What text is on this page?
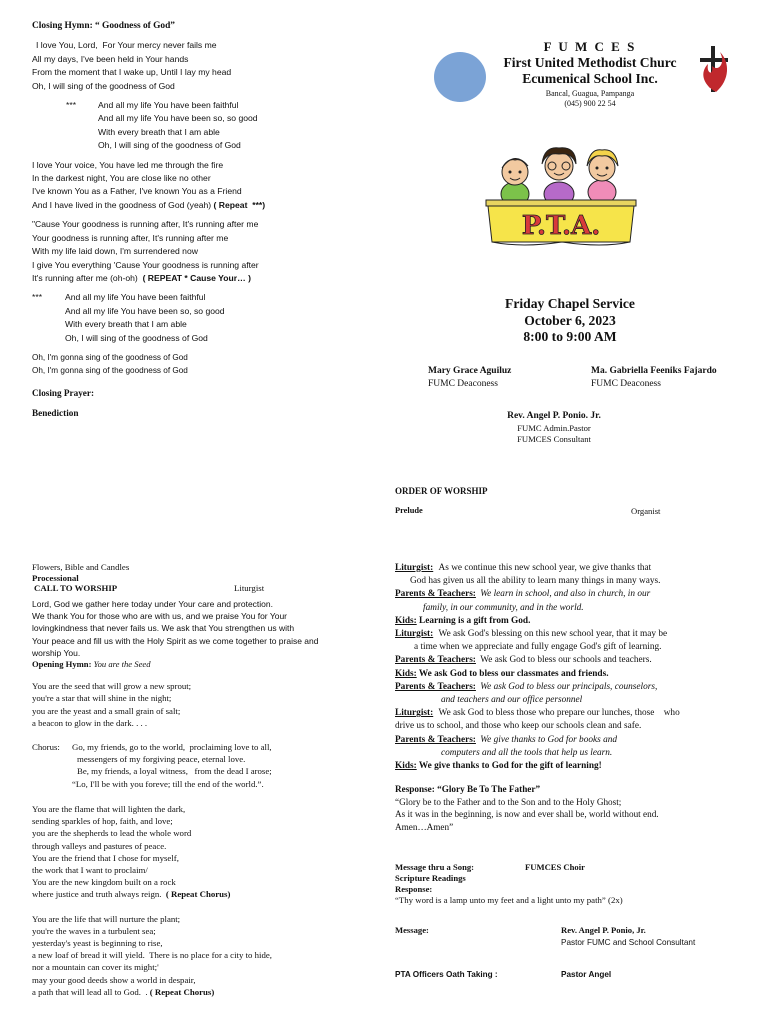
Closing Hymn: “ Goodness of God”
I love You, Lord,  For Your mercy never fails me
All my days, I've been held in Your hands
From the moment that I wake up, Until I lay my head
Oh, I will sing of the goodness of God
***	And all my life You have been faithful
And all my life You have been so, so good
With every breath that I am able
Oh, I will sing of the goodness of God
I love Your voice, You have led me through the fire
In the darkest night, You are close like no other
I've known You as a Father, I've known You as a Friend
And I have lived in the goodness of God (yeah) ( Repeat  ***)
"Cause Your goodness is running after, It's running after me
Your goodness is running after, It's running after me
With my life laid down, I'm surrendered now
I give You everything 'Cause Your goodness is running after
It's running after me (oh-oh) ( REPEAT * Cause Your… )
***	And all my life You have been faithful
And all my life You have been so, so good
With every breath that I am able
Oh, I will sing of the goodness of God
Oh, I'm gonna sing of the goodness of God
Oh, I'm gonna sing of the goodness of God
Closing Prayer:
Benediction
F U M C E S
First United Methodist Churc
Ecumenical School Inc.
Bancal, Guagua, Pampanga
(045) 900 22 54
P.T.A.
Friday Chapel Service
October 6, 2023
8:00 to 9:00 AM
Mary Grace Aguiluz
FUMC Deaconess
Ma. Gabriella Feeniks Fajardo
FUMC Deaconess
Rev. Angel P. Ponio. Jr.
FUMC Admin.Pastor
FUMCES Consultant
ORDER OF WORSHIP
Prelude	Organist
Flowers, Bible and Candles
Processional
CALL TO WORSHIP	Liturgist
Lord, God we gather here today under Your care and protection.
We thank You for those who are with us, and we praise You for Your
lovingkindness that never fails us. We ask that You strengthen us with
Your peace and fill us with the Holy Spirit as we come together to praise and
worship You.
Opening Hymn: You are the Seed
You are the seed that will grow a new sprout;
you're a star that will shine in the night;
you are the yeast and a small grain of salt;
a beacon to glow in the dark. . . .
Chorus:	Go, my friends, go to the world,  proclaiming love to all,
messengers of my forgiving peace, eternal love.
Be, my friends, a loyal witness,   from the dead I arose;
“Lo, I'll be with you foreve; till the end of the world.”.
You are the flame that will lighten the dark,
sending sparkles of hop, faith, and love;
you are the shepherds to lead the whole word
through valleys and pastures of peace.
You are the friend that I chose for myself,
the work that I want to proclaim/
You are the new kingdom built on a rock
where justice and truth always reign. ( Repeat Chorus)
You are the life that will nurture the plant;
you're the waves in a turbulent sea;
yesterday's yeast is beginning to rise,
a new loaf of bread it will yield.  There is no place for a city to hide,
nor a mountain can cover its might;'
may your good deeds show a world in despair,
a path that will lead all to God.  . ( Repeat Chorus)
Liturgist: As we continue this new school year, we give thanks that
God has given us all the ability to learn many things in many ways.
Parents & Teachers: We learn in school, and also in church, in our
family, in our community, and in the world.
Kids: Learning is a gift from God.
Liturgist: We ask God's blessing on this new school year, that it may be
a time when we appreciate and fully engage God's gift of learning.
Parents & Teachers: We ask God to bless our schools and teachers.
Kids: We ask God to bless our classmates and friends.
Parents & Teachers: We ask God to bless our principals, counselors,
and teachers and our office personnel
Liturgist: We ask God to bless those who prepare our lunches, those    who
drive us to school, and those who keep our schools clean and safe.
Parents & Teachers: We give thanks to God for books and
computers and all the tools that help us learn.
Kids: We give thanks to God for the gift of learning!
Response: “Glory Be To The Father”
“Glory be to the Father and to the Son and to the Holy Ghost;
As it was in the beginning, is now and ever shall be, world without end.
Amen…Amen”
Message thru a Song:	FUMCES Choir
Scripture Readings
Response:
“Thy word is a lamp unto my feet and a light unto my path” (2x)
Message:	Rev. Angel P. Ponio, Jr.
Pastor FUMC and School Consultant
PTA Officers Oath Taking :	Pastor Angel
